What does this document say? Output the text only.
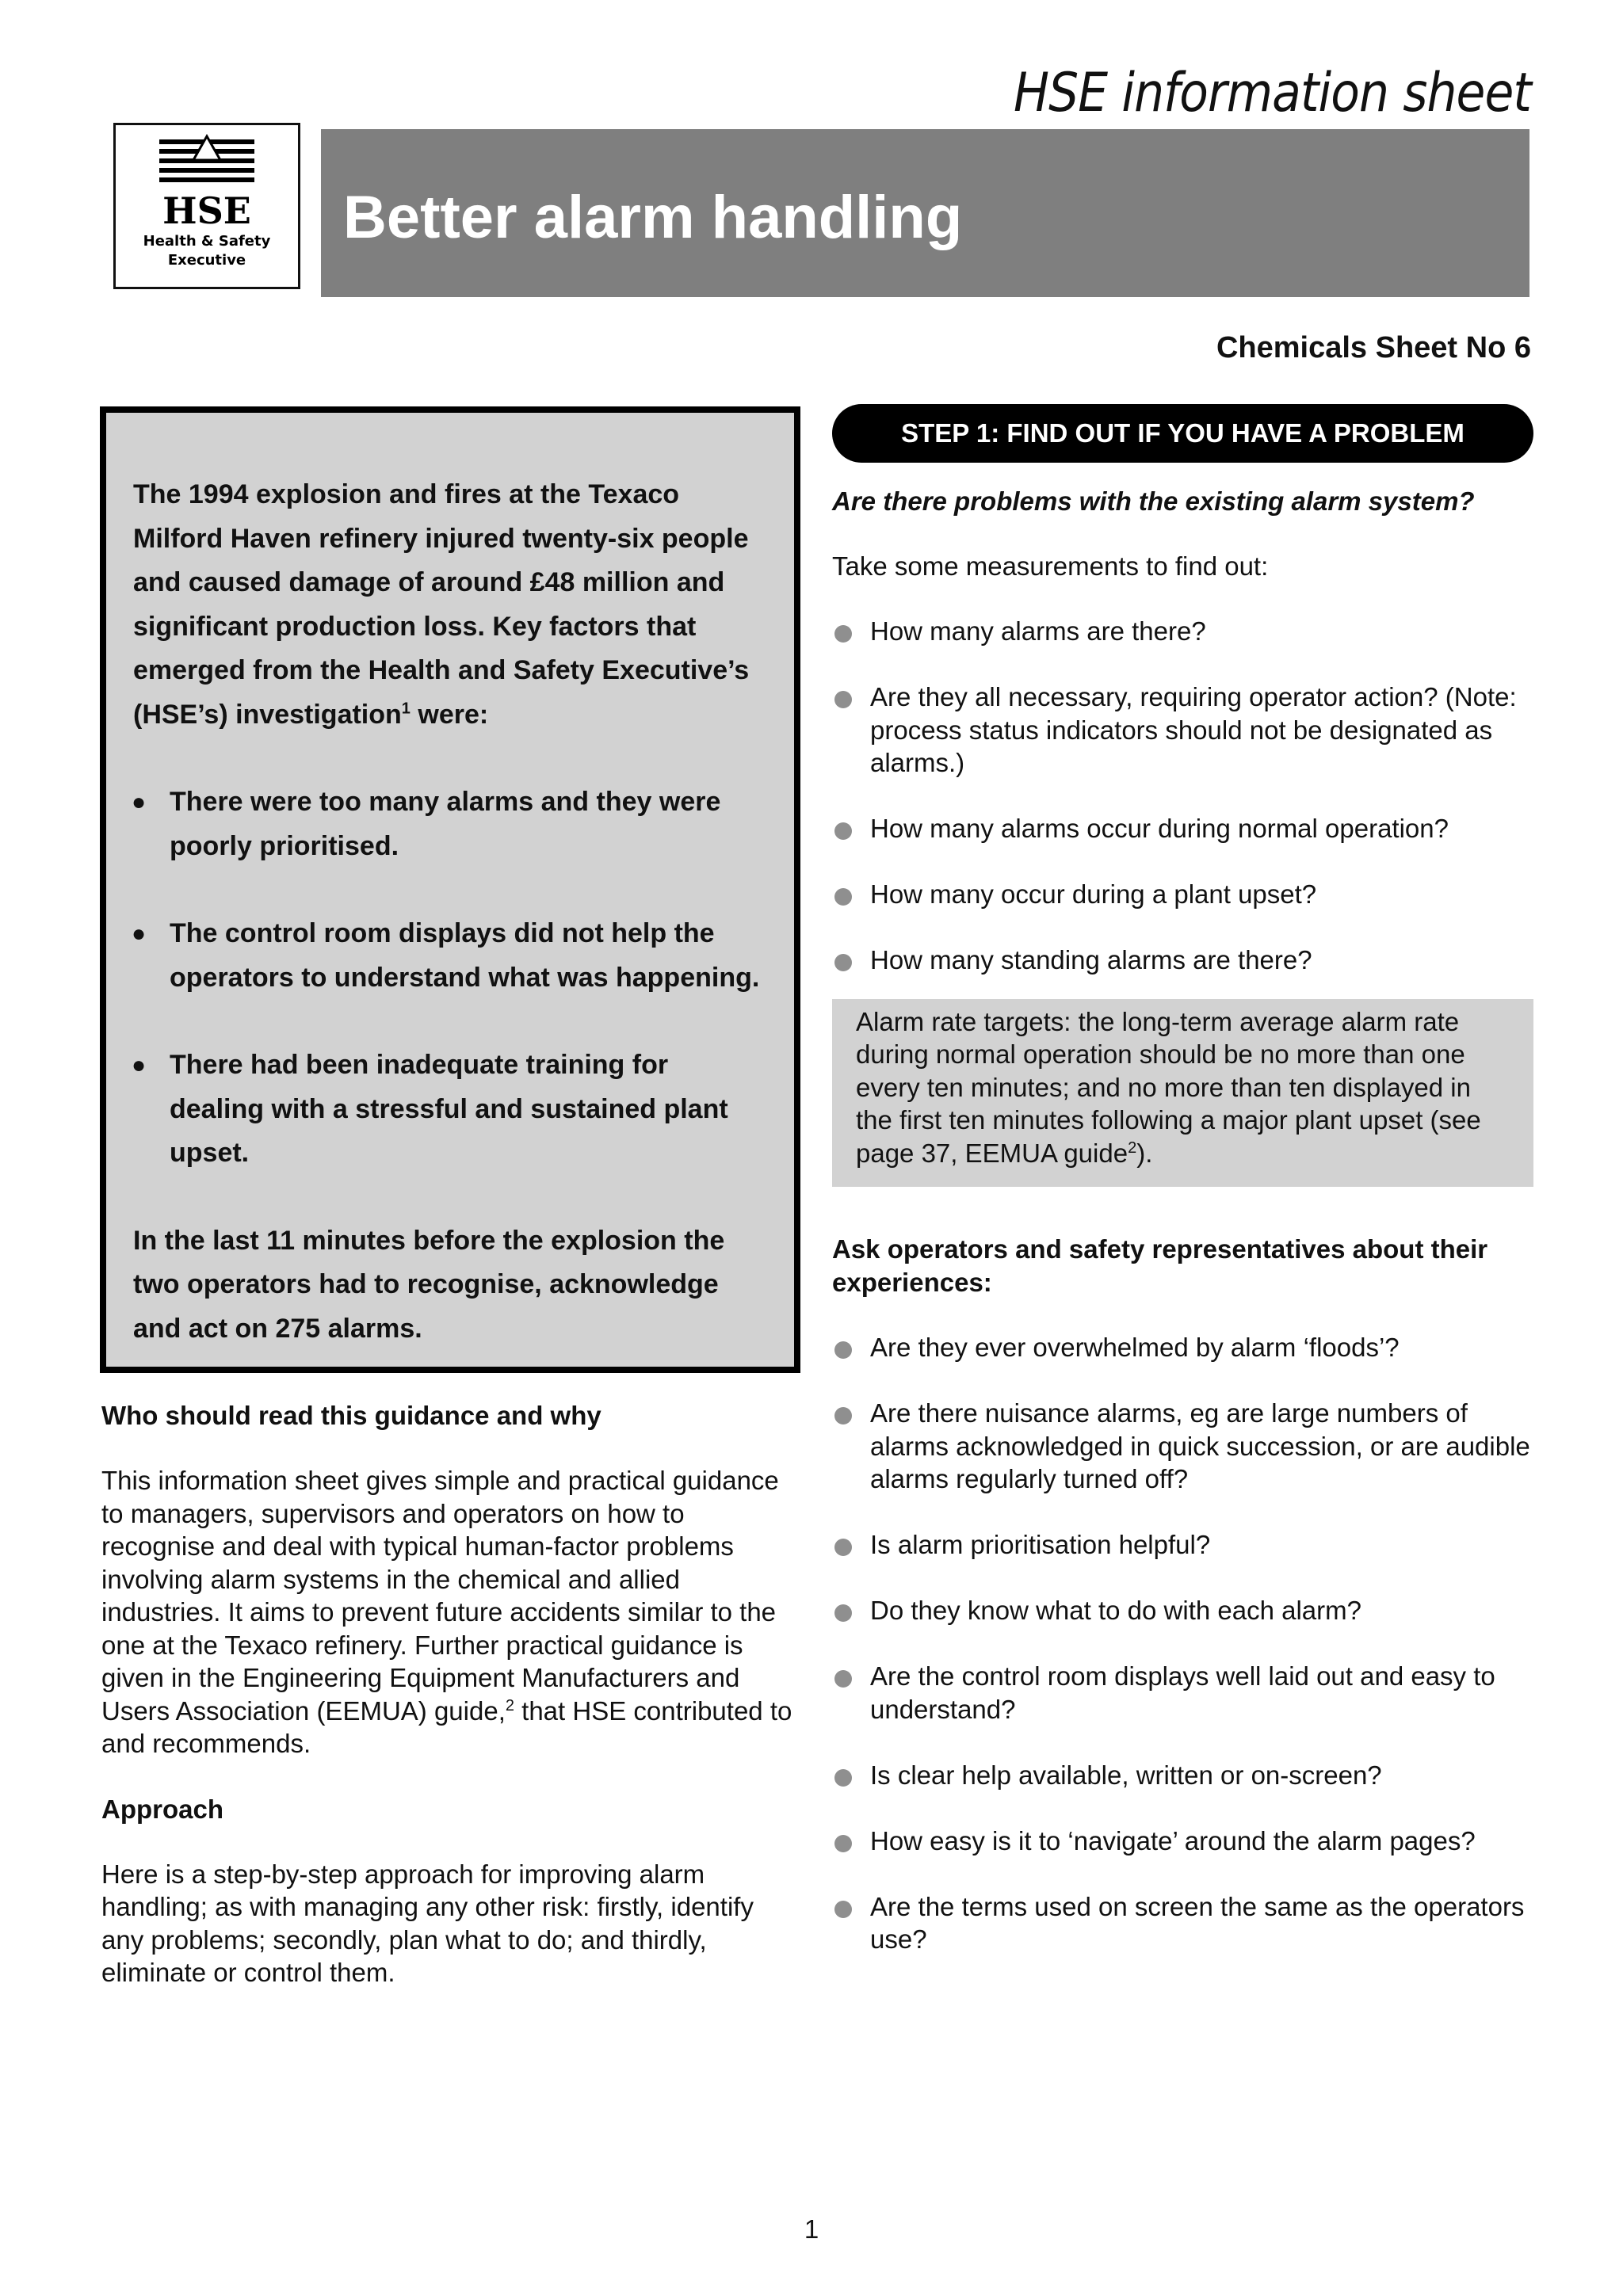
HSE information sheet
HSE
Health & Safety
Executive
Better alarm handling
Chemicals Sheet No 6

The 1994 explosion and fires at the Texaco Milford Haven refinery injured twenty-six people and caused damage of around £48 million and significant production loss. Key factors that emerged from the Health and Safety Executive’s (HSE’s) investigation$^1$ were:

● There were too many alarms and they were poorly prioritised.
● The control room displays did not help the operators to understand what was happening.
● There had been inadequate training for dealing with a stressful and sustained plant upset.

In the last 11 minutes before the explosion the two operators had to recognise, acknowledge and act on 275 alarms.

Who should read this guidance and why

This information sheet gives simple and practical guidance to managers, supervisors and operators on how to recognise and deal with typical human-factor problems involving alarm systems in the chemical and allied industries. It aims to prevent future accidents similar to the one at the Texaco refinery. Further practical guidance is given in the Engineering Equipment Manufacturers and Users Association (EEMUA) guide,$^2$ that HSE contributed to and recommends.

Approach

Here is a step-by-step approach for improving alarm handling; as with managing any other risk: firstly, identify any problems; secondly, plan what to do; and thirdly, eliminate or control them.

STEP 1: FIND OUT IF YOU HAVE A PROBLEM

Are there problems with the existing alarm system?

Take some measurements to find out:

How many alarms are there?
Are they all necessary, requiring operator action? (Note: process status indicators should not be designated as alarms.)
How many alarms occur during normal operation?
How many occur during a plant upset?
How many standing alarms are there?
Alarm rate targets: the long-term average alarm rate during normal operation should be no more than one every ten minutes; and no more than ten displayed in the first ten minutes following a major plant upset (see page 37, EEMUA guide$^2$).

Ask operators and safety representatives about their experiences:

Are they ever overwhelmed by alarm ‘floods’?
Are there nuisance alarms, eg are large numbers of alarms acknowledged in quick succession, or are audible alarms regularly turned off?
Is alarm prioritisation helpful?
Do they know what to do with each alarm?
Are the control room displays well laid out and easy to understand?
Is clear help available, written or on-screen?
How easy is it to ‘navigate’ around the alarm pages?
Are the terms used on screen the same as the operators use?
1
